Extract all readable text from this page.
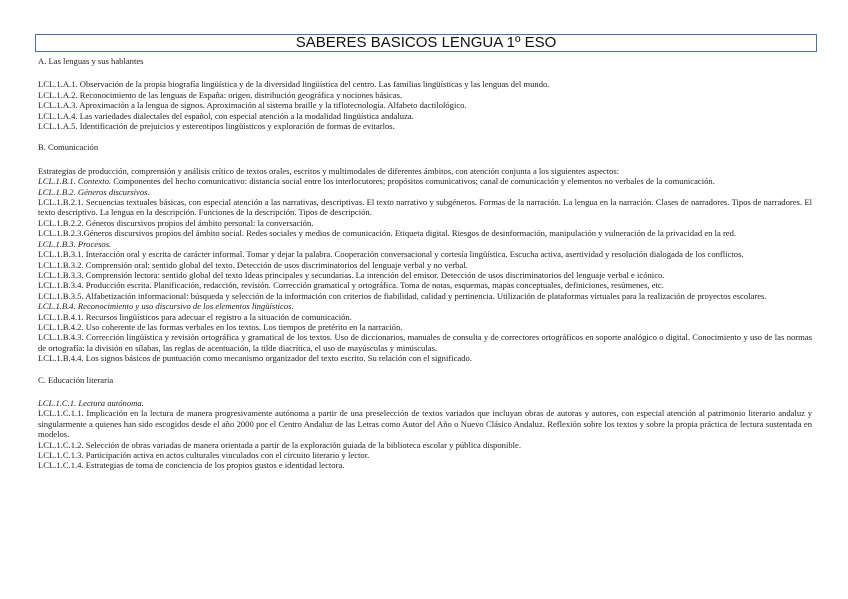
SABERES BASICOS LENGUA 1º ESO
A. Las lenguas y sus hablantes

LCL.1.A.1. Observación de la propia biografía lingüística y de la diversidad lingüística del centro. Las familias lingüísticas y las lenguas del mundo.

LCL.1.A.2. Reconocimiento de las lenguas de España: origen, distribución geográfica y nociones básicas.

LCL.1.A.3. Aproximación a la lengua de signos. Aproximación al sistema braille y la tiflotecnología. Alfabeto dactilológico.

LCL.1.A.4. Las variedades dialectales del español, con especial atención a la modalidad lingüística andaluza.

LCL.1.A.5. Identificación de prejuicios y estereotipos lingüísticos y exploración de formas de evitarlos.

B. Comunicación

Estrategias de producción, comprensión y análisis crítico de textos orales, escritos y multimodales de diferentes ámbitos, con atención conjunta a los siguientes aspectos:

LCL.1.B.1. Contexto. Componentes del hecho comunicativo: distancia social entre los interlocutores; propósitos comunicativos; canal de comunicación y elementos no verbales de la comunicación.

LCL.1.B.2. Géneros discursivos.

LCL.1.B.2.1. Secuencias textuales básicas, con especial atención a las narrativas, descriptivas. El texto narrativo y subgéneros. Formas de la narración. La lengua en la narración. Clases de narradores. Tipos de narradores. El texto descriptivo. La lengua en la descripción. Funciones de la descripción. Tipos de descripción.

LCL.1.B.2.2. Géneros discursivos propios del ámbito personal: la conversación.

LCL.1.B.2.3.Géneros discursivos propios del ámbito social. Redes sociales y medios de comunicación. Etiqueta digital. Riesgos de desinformación, manipulación y vulneración de la privacidad en la red.

LCL.1.B.3. Procesos.

LCL.1.B.3.1. Interacción oral y escrita de carácter informal. Tomar y dejar la palabra. Cooperación conversacional y cortesía lingüística. Escucha activa, asertividad y resolución dialogada de los conflictos.

LCL.1.B.3.2. Comprensión oral: sentido global del texto. Detección de usos discriminatorios del lenguaje verbal y no verbal.

LCL.1.B.3.3. Comprensión lectora: sentido global del texto Ideas principales y secundarias. La intención del emisor. Detección de usos discriminatorios del lenguaje verbal e icónico.

LCL.1.B.3.4. Producción escrita. Planificación, redacción, revisión. Corrección gramatical y ortográfica. Toma de notas, esquemas, mapas conceptuales, definiciones, resúmenes, etc.

LCL.1.B.3.5. Alfabetización informacional: búsqueda y selección de la información con criterios de fiabilidad, calidad y pertinencia. Utilización de plataformas virtuales para la realización de proyectos escolares.

LCL.1.B.4. Reconocimiento y uso discursivo de los elementos lingüísticos.

LCL.1.B.4.1. Recursos lingüísticos para adecuar el registro a la situación de comunicación.

LCL.1.B.4.2. Uso coherente de las formas verbales en los textos. Los tiempos de pretérito en la narración.

LCL.1.B.4.3. Corrección lingüística y revisión ortográfica y gramatical de los textos. Uso de diccionarios, manuales de consulta y de correctores ortográficos en soporte analógico o digital. Conocimiento y uso de las normas de ortografía: la división en sílabas, las reglas de acentuación, la tilde diacrítica, el uso de mayúsculas y minúsculas.

LCL.1.B.4.4. Los signos básicos de puntuación como mecanismo organizador del texto escrito. Su relación con el significado.

C. Educación literaria

LCL.1.C.1. Lectura autónoma.

LCL.1.C.1.1. Implicación en la lectura de manera progresivamente autónoma a partir de una preselección de textos variados que incluyan obras de autoras y autores, con especial atención al patrimonio literario andaluz y singularmente a quienes han sido escogidos desde el año 2000 por el Centro Andaluz de las Letras como Autor del Año o Nuevo Clásico Andaluz. Reflexión sobre los textos y sobre la propia práctica de lectura sustentada en modelos.

LCL.1.C.1.2. Selección de obras variadas de manera orientada a partir de la exploración guiada de la biblioteca escolar y pública disponible.

LCL.1.C.1.3. Participación activa en actos culturales vinculados con el circuito literario y lector.

LCL.1.C.1.4. Estrategias de toma de conciencia de los propios gustos e identidad lectora.
